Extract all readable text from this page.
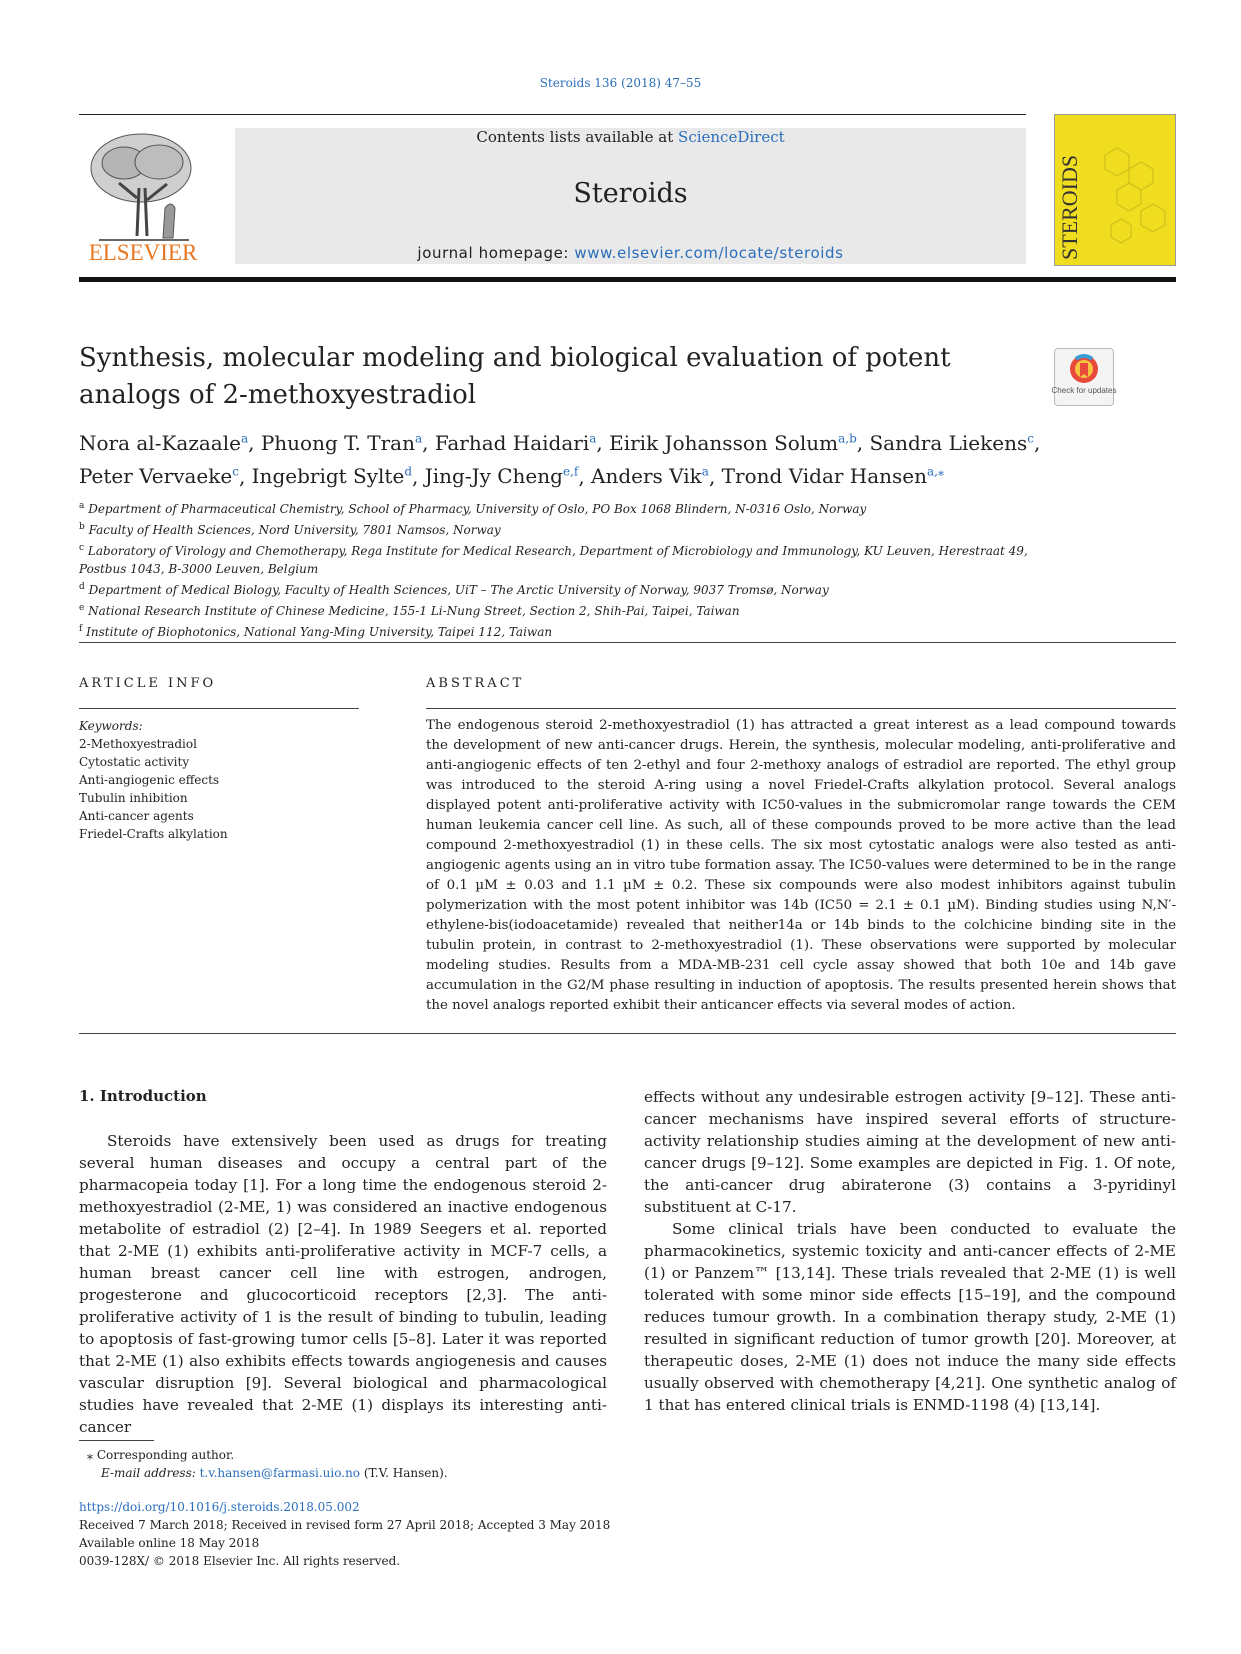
Steroids 136 (2018) 47–55
ELSEVIER
Contents lists available at ScienceDirect
Steroids
journal homepage: www.elsevier.com/locate/steroids	STEROIDS
Synthesis, molecular modeling and biological evaluation of potent analogs of 2-methoxyestradiol	Check for updates
Nora al-Kazaale$^a$, Phuong T. Tran$^a$, Farhad Haidari$^a$, Eirik Johansson Solum$^{a,b}$, Sandra Liekens$^c$,
Peter Vervaeke$^c$, Ingebrigt Sylte$^d$, Jing-Jy Cheng$^{e,f}$, Anders Vik$^a$, Trond Vidar Hansen$^{a,⁎}$
$^a$ Department of Pharmaceutical Chemistry, School of Pharmacy, University of Oslo, PO Box 1068 Blindern, N-0316 Oslo, Norway
$^b$ Faculty of Health Sciences, Nord University, 7801 Namsos, Norway
$^c$ Laboratory of Virology and Chemotherapy, Rega Institute for Medical Research, Department of Microbiology and Immunology, KU Leuven, Herestraat 49, Postbus 1043, B-3000 Leuven, Belgium
$^d$ Department of Medical Biology, Faculty of Health Sciences, UiT – The Arctic University of Norway, 9037 Tromsø, Norway
$^e$ National Research Institute of Chinese Medicine, 155-1 Li-Nung Street, Section 2, Shih-Pai, Taipei, Taiwan
$^f$ Institute of Biophotonics, National Yang-Ming University, Taipei 112, Taiwan
ARTICLE INFO	ABSTRACT
Keywords:
2-Methoxyestradiol
Cytostatic activity
Anti-angiogenic effects
Tubulin inhibition
Anti-cancer agents
Friedel-Crafts alkylation
The endogenous steroid 2-methoxyestradiol (1) has attracted a great interest as a lead compound towards the development of new anti-cancer drugs. Herein, the synthesis, molecular modeling, anti-proliferative and anti-angiogenic effects of ten 2-ethyl and four 2-methoxy analogs of estradiol are reported. The ethyl group was introduced to the steroid A-ring using a novel Friedel-Crafts alkylation protocol. Several analogs displayed potent anti-proliferative activity with IC50-values in the submicromolar range towards the CEM human leukemia cancer cell line. As such, all of these compounds proved to be more active than the lead compound 2-methoxyestradiol (1) in these cells. The six most cytostatic analogs were also tested as anti-angiogenic agents using an in vitro tube formation assay. The IC50-values were determined to be in the range of 0.1 µM ± 0.03 and 1.1 µM ± 0.2. These six compounds were also modest inhibitors against tubulin polymerization with the most potent inhibitor was 14b (IC50 = 2.1 ± 0.1 µM). Binding studies using N,N′-ethylene-bis(iodoacetamide) revealed that neither14a or 14b binds to the colchicine binding site in the tubulin protein, in contrast to 2-methoxyestradiol (1). These observations were supported by molecular modeling studies. Results from a MDA-MB-231 cell cycle assay showed that both 10e and 14b gave accumulation in the G2/M phase resulting in induction of apoptosis. The results presented herein shows that the novel analogs reported exhibit their anticancer effects via several modes of action.
1. Introduction

Steroids have extensively been used as drugs for treating several human diseases and occupy a central part of the pharmacopeia today [1]. For a long time the endogenous steroid 2-methoxyestradiol (2-ME, 1) was considered an inactive endogenous metabolite of estradiol (2) [2–4]. In 1989 Seegers et al. reported that 2-ME (1) exhibits anti-proliferative activity in MCF-7 cells, a human breast cancer cell line with estrogen, androgen, progesterone and glucocorticoid receptors [2,3]. The anti-proliferative activity of 1 is the result of binding to tubulin, leading to apoptosis of fast-growing tumor cells [5–8]. Later it was reported that 2-ME (1) also exhibits effects towards angiogenesis and causes vascular disruption [9]. Several biological and pharmacological studies have revealed that 2-ME (1) displays its interesting anti-cancer

effects without any undesirable estrogen activity [9–12]. These anti-cancer mechanisms have inspired several efforts of structure-activity relationship studies aiming at the development of new anti-cancer drugs [9–12]. Some examples are depicted in Fig. 1. Of note, the anti-cancer drug abiraterone (3) contains a 3-pyridinyl substituent at C-17.

Some clinical trials have been conducted to evaluate the pharmacokinetics, systemic toxicity and anti-cancer effects of 2-ME (1) or Panzem™ [13,14]. These trials revealed that 2-ME (1) is well tolerated with some minor side effects [15–19], and the compound reduces tumour growth. In a combination therapy study, 2-ME (1) resulted in significant reduction of tumor growth [20]. Moreover, at therapeutic doses, 2-ME (1) does not induce the many side effects usually observed with chemotherapy [4,21]. One synthetic analog of 1 that has entered clinical trials is ENMD-1198 (4) [13,14].

⁎ Corresponding author.
E-mail address: t.v.hansen@farmasi.uio.no (T.V. Hansen).
https://doi.org/10.1016/j.steroids.2018.05.002
Received 7 March 2018; Received in revised form 27 April 2018; Accepted 3 May 2018
Available online 18 May 2018
0039-128X/ © 2018 Elsevier Inc. All rights reserved.
